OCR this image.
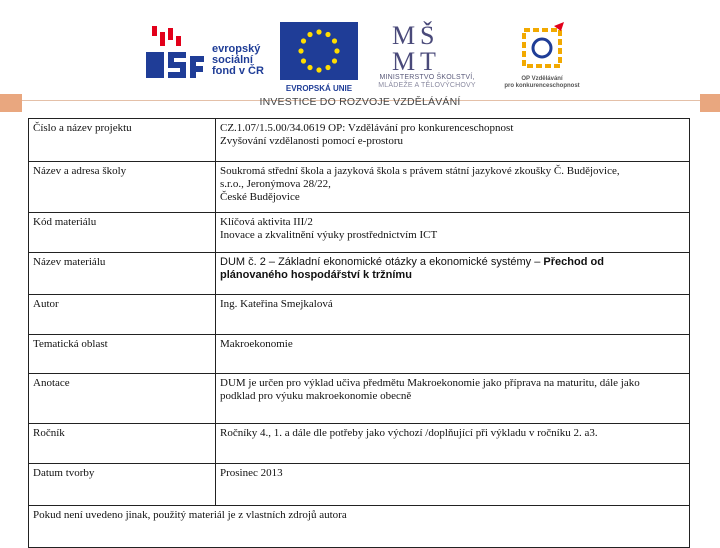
evropský
sociální
fond v ČR
EVROPSKÁ UNIE
M Š
M T
MINISTERSTVO ŠKOLSTVÍ,
MLÁDEŽE A TĚLOVÝCHOVY
OP Vzdělávání
pro konkurenceschopnost
INVESTICE DO ROZVOJE VZDĚLÁVÁNÍ
Číslo a název projektu	CZ.1.07/1.5.00/34.0619 OP: Vzdělávání pro konkurenceschopnost
Zvyšování vzdělanosti pomocí e-prostoru

Název a adresa školy	Soukromá střední škola a jazyková škola s právem státní jazykové zkoušky Č. Budějovice,
s.r.o., Jeronýmova 28/22,
České Budějovice

Kód materiálu	Klíčová aktivita III/2
Inovace a zkvalitnění výuky prostřednictvím ICT

Název materiálu	DUM č. 2 – Základní ekonomické otázky a ekonomické systémy – Přechod od
plánovaného hospodářství k tržnímu
Autor	Ing. Kateřina Smejkalová
Tematická oblast	Makroekonomie
Anotace	DUM je určen pro výklad učiva předmětu Makroekonomie jako příprava na maturitu, dále jako
podklad pro výuku makroekonomie obecně

Ročník	Ročníky 4., 1. a dále dle potřeby jako výchozí /doplňující při výkladu v ročníku 2. a3.
Datum tvorby	Prosinec 2013
Pokud není uvedeno jinak, použitý materiál je z vlastních zdrojů autora	
